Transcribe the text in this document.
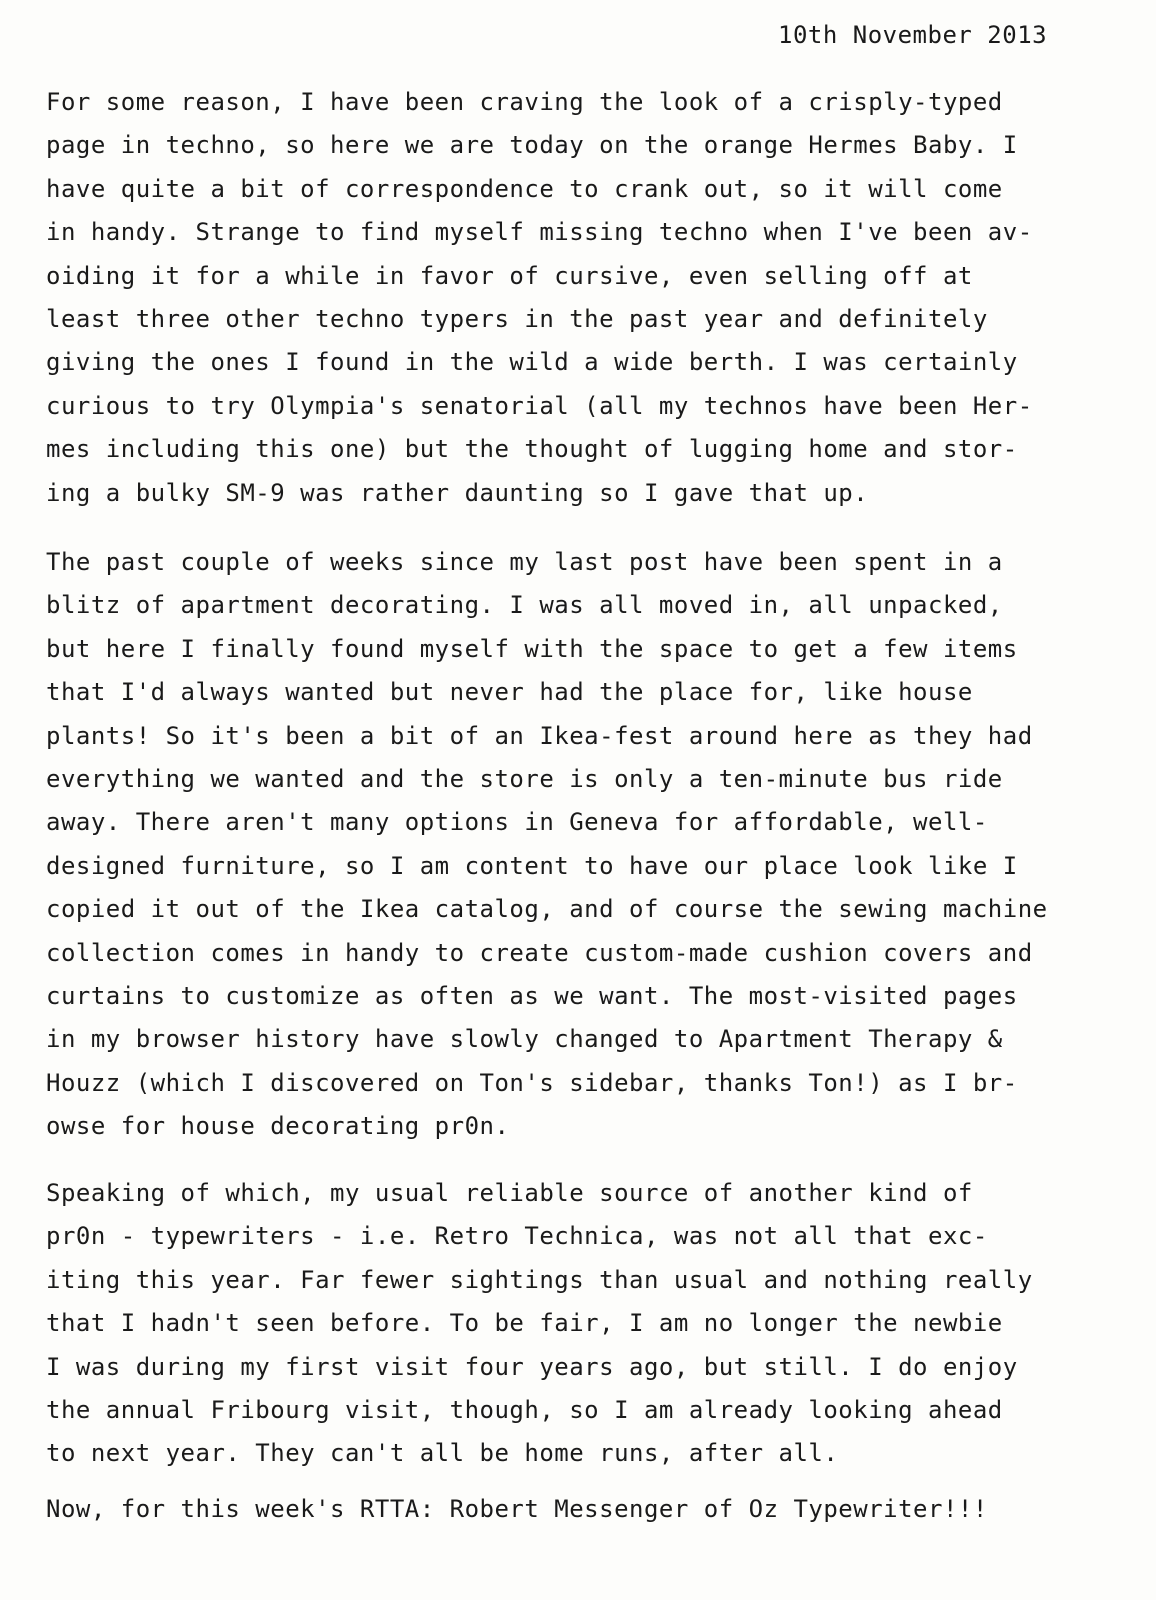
10th November 2013
For some reason, I have been craving the look of a crisply-typed
page in techno, so here we are today on the orange Hermes Baby. I
have quite a bit of correspondence to crank out, so it will come
in handy. Strange to find myself missing techno when I've been av-
oiding it for a while in favor of cursive, even selling off at
least three other techno typers in the past year and definitely
giving the ones I found in the wild a wide berth. I was certainly
curious to try Olympia's senatorial (all my technos have been Her-
mes including this one) but the thought of lugging home and stor-
ing a bulky SM-9 was rather daunting so I gave that up.
The past couple of weeks since my last post have been spent in a
blitz of apartment decorating. I was all moved in, all unpacked,
but here I finally found myself with the space to get a few items
that I'd always wanted but never had the place for, like house
plants! So it's been a bit of an Ikea-fest around here as they had
everything we wanted and the store is only a ten-minute bus ride
away. There aren't many options in Geneva for affordable, well-
designed furniture, so I am content to have our place look like I
copied it out of the Ikea catalog, and of course the sewing machine
collection comes in handy to create custom-made cushion covers and
curtains to customize as often as we want. The most-visited pages
in my browser history have slowly changed to Apartment Therapy &
Houzz (which I discovered on Ton's sidebar, thanks Ton!) as I br-
owse for house decorating pr0n.
Speaking of which, my usual reliable source of another kind of
pr0n - typewriters - i.e. Retro Technica, was not all that exc-
iting this year. Far fewer sightings than usual and nothing really
that I hadn't seen before. To be fair, I am no longer the newbie
I was during my first visit four years ago, but still. I do enjoy
the annual Fribourg visit, though, so I am already looking ahead
to next year. They can't all be home runs, after all.
Now, for this week's RTTA: Robert Messenger of Oz Typewriter!!!
